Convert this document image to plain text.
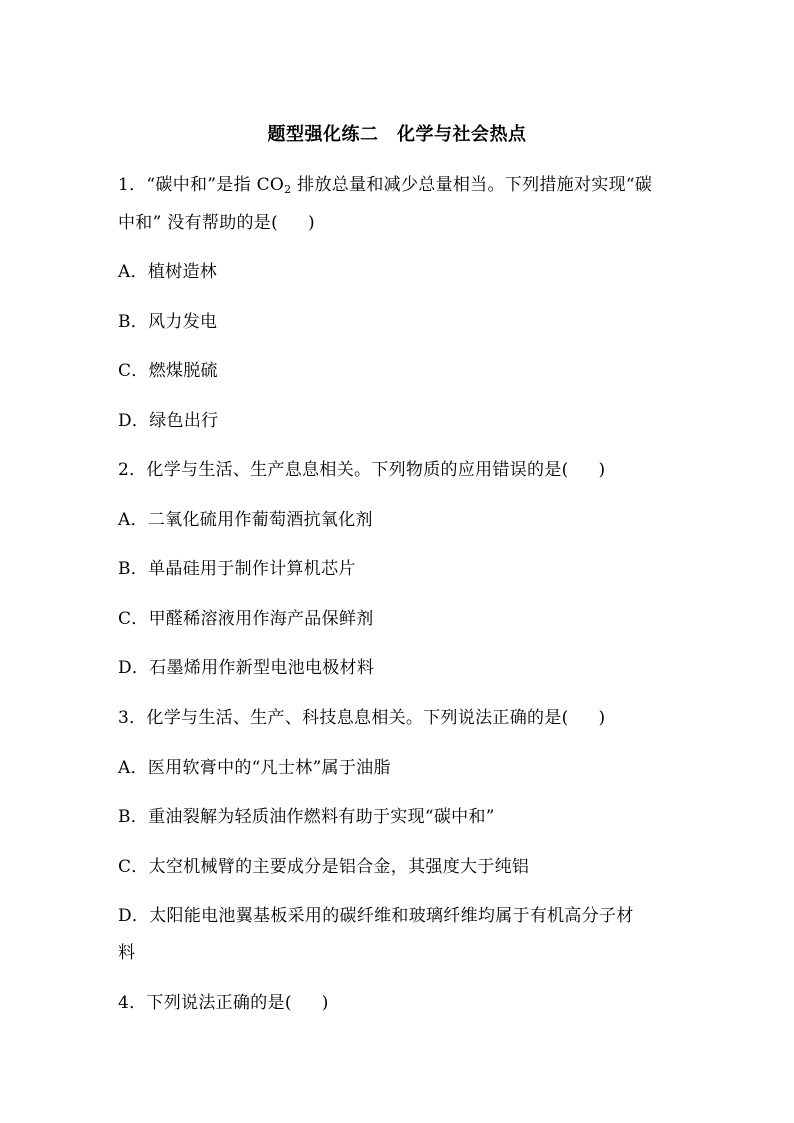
题型强化练二　化学与社会热点
1．“碳中和”是指 $CO_2$ 排放总量和减少总量相当。下列措施对实现“碳
中和” 没有帮助的是( )
A．植树造林
B．风力发电
C．燃煤脱硫
D．绿色出行
2．化学与生活、生产息息相关。下列物质的应用错误的是( )
A．二氧化硫用作葡萄酒抗氧化剂
B．单晶硅用于制作计算机芯片
C．甲醛稀溶液用作海产品保鲜剂
D．石墨烯用作新型电池电极材料
3．化学与生活、生产、科技息息相关。下列说法正确的是( )
A．医用软膏中的“凡士林”属于油脂
B．重油裂解为轻质油作燃料有助于实现“碳中和”
C．太空机械臂的主要成分是铝合金，其强度大于纯铝
D．太阳能电池翼基板采用的碳纤维和玻璃纤维均属于有机高分子材
料
4．下列说法正确的是( )
